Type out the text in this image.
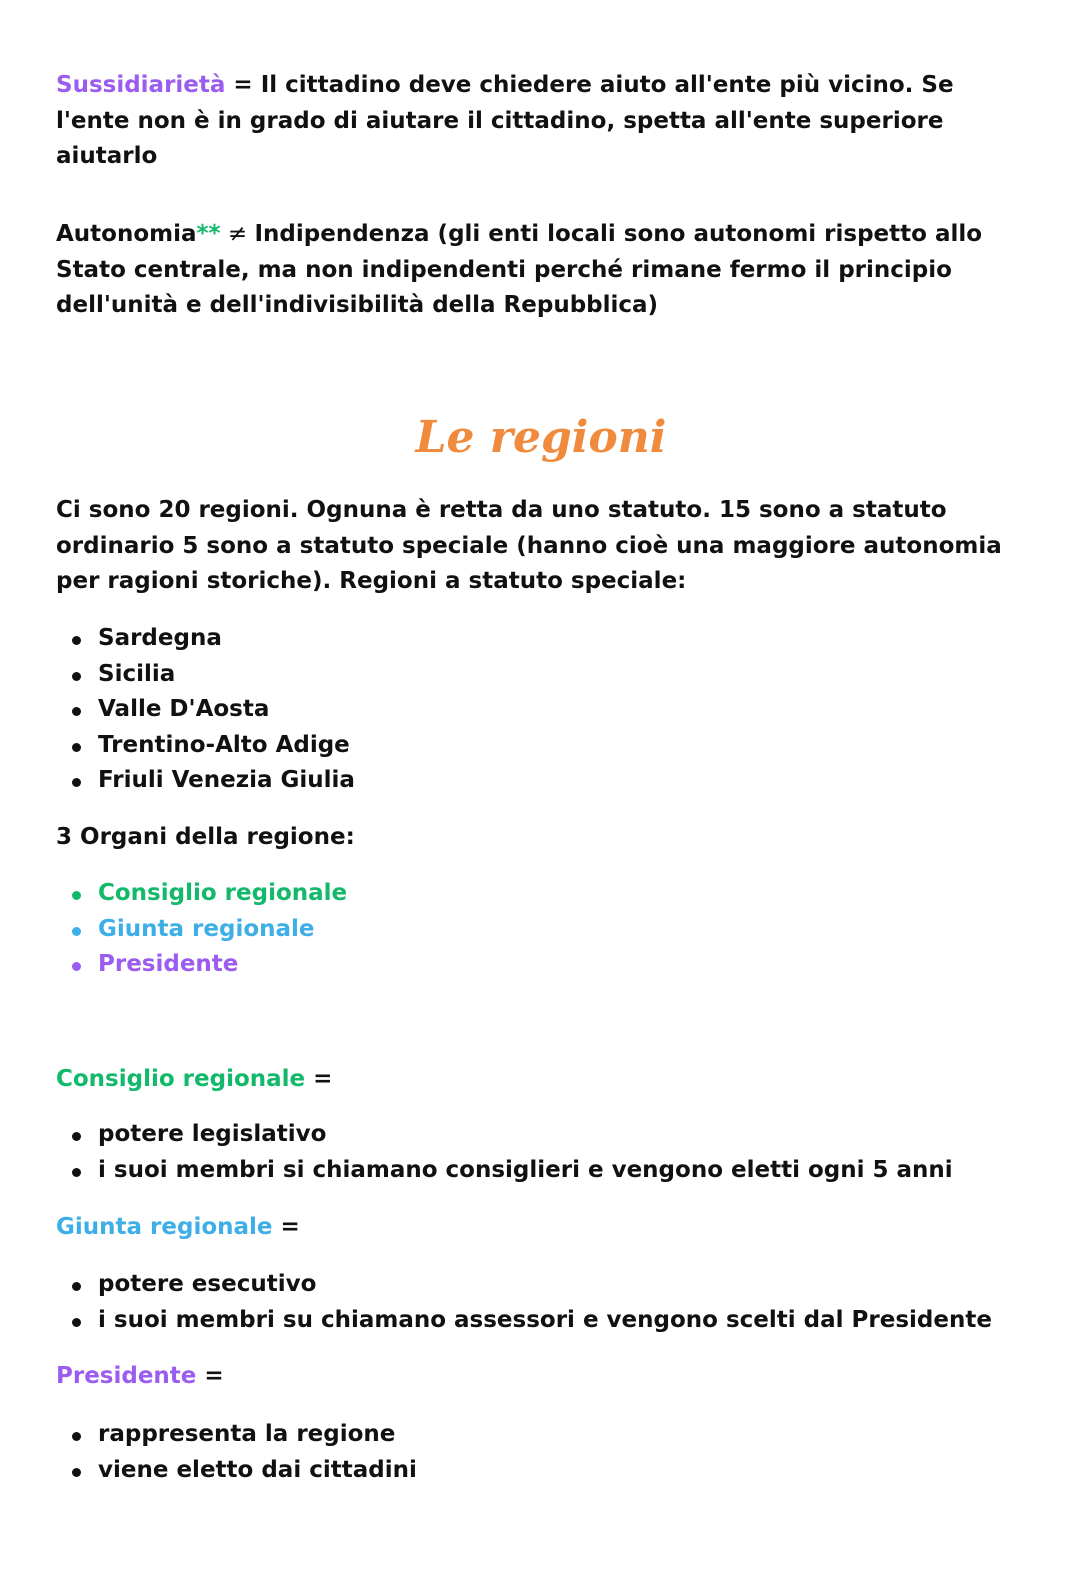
Sussidiarietà = Il cittadino deve chiedere aiuto all'ente più vicino. Se l'ente non è in grado di aiutare il cittadino, spetta all'ente superiore aiutarlo

Autonomia** ≠ Indipendenza (gli enti locali sono autonomi rispetto allo Stato centrale, ma non indipendenti perché rimane fermo il principio dell'unità e dell'indivisibilità della Repubblica)

Le regioni

Ci sono 20 regioni. Ognuna è retta da uno statuto. 15 sono a statuto ordinario 5 sono a statuto speciale (hanno cioè una maggiore autonomia per ragioni storiche). Regioni a statuto speciale:

Sardegna
Sicilia
Valle D'Aosta
Trentino-Alto Adige
Friuli Venezia Giulia

3 Organi della regione:

Consiglio regionale
Giunta regionale
Presidente

Consiglio regionale =

potere legislativo
i suoi membri si chiamano consiglieri e vengono eletti ogni 5 anni

Giunta regionale =

potere esecutivo
i suoi membri su chiamano assessori e vengono scelti dal Presidente

Presidente =

rappresenta la regione
viene eletto dai cittadini
